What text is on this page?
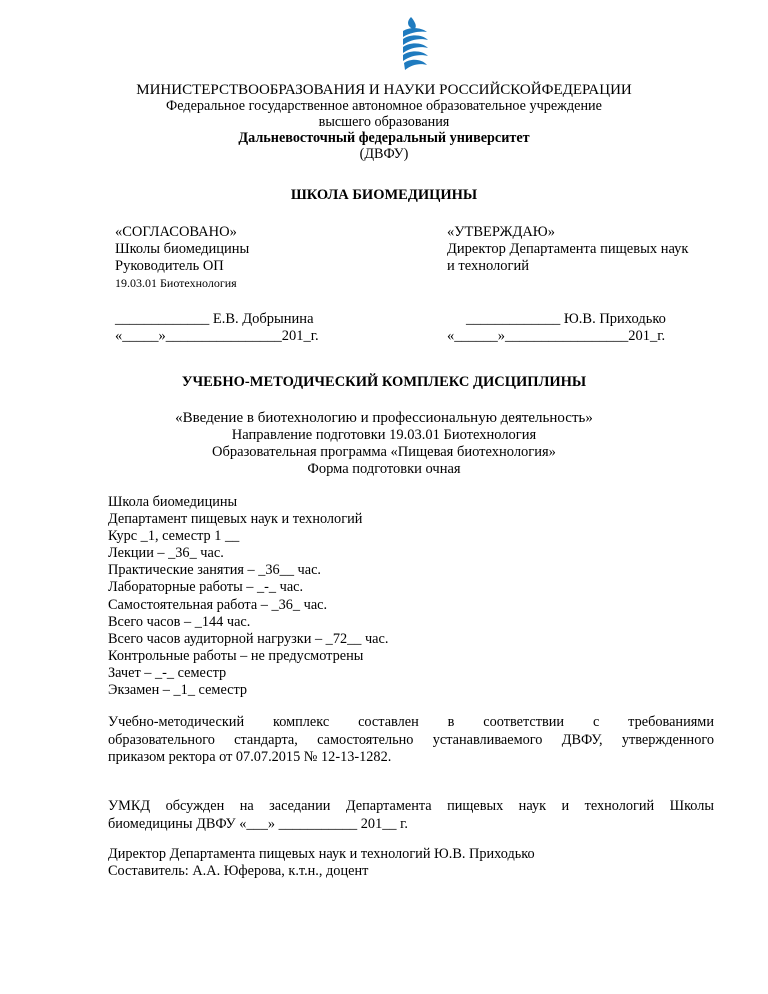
МИНИСТЕРСТВООБРАЗОВАНИЯ И НАУКИ РОССИЙСКОЙФЕДЕРАЦИИ
Федеральное государственное автономное образовательное учреждение
высшего образования
Дальневосточный федеральный университет
(ДВФУ)
ШКОЛА БИОМЕДИЦИНЫ
«СОГЛАСОВАНО»
Школы биомедицины
Руководитель ОП
19.03.01 Биотехнология
«УТВЕРЖДАЮ»
Директор Департамента пищевых наук
и технологий
_____________ Е.В. Добрынина
«_____»________________201_г.
_____________ Ю.В. Приходько
«______»_________________201_г.
УЧЕБНО-МЕТОДИЧЕСКИЙ КОМПЛЕКС ДИСЦИПЛИНЫ
«Введение в биотехнологию и профессиональную деятельность»
Направление подготовки 19.03.01 Биотехнология
Образовательная программа «Пищевая биотехнология»
Форма подготовки очная
Школа биомедицины
Департамент пищевых наук и технологий
Курс _1, семестр 1 __
Лекции – _36_ час.
Практические занятия – _36__ час.
Лабораторные работы – _-_ час.
Самостоятельная работа – _36_ час.
Всего часов – _144 час.
Всего часов аудиторной нагрузки – _72__ час.
Контрольные работы – не предусмотрены
Зачет – _-_ семестр
Экзамен – _1_ семестр
Учебно-методический комплекс составлен в соответствии с требованиями
образовательного стандарта, самостоятельно устанавливаемого ДВФУ, утвержденного
приказом ректора от 07.07.2015 № 12-13-1282.
УМКД обсужден на заседании Департамента пищевых наук и технологий Школы
биомедицины ДВФУ «___» ___________ 201__ г.
Директор Департамента пищевых наук и технологий Ю.В. Приходько
Составитель: А.А. Юферова, к.т.н., доцент
